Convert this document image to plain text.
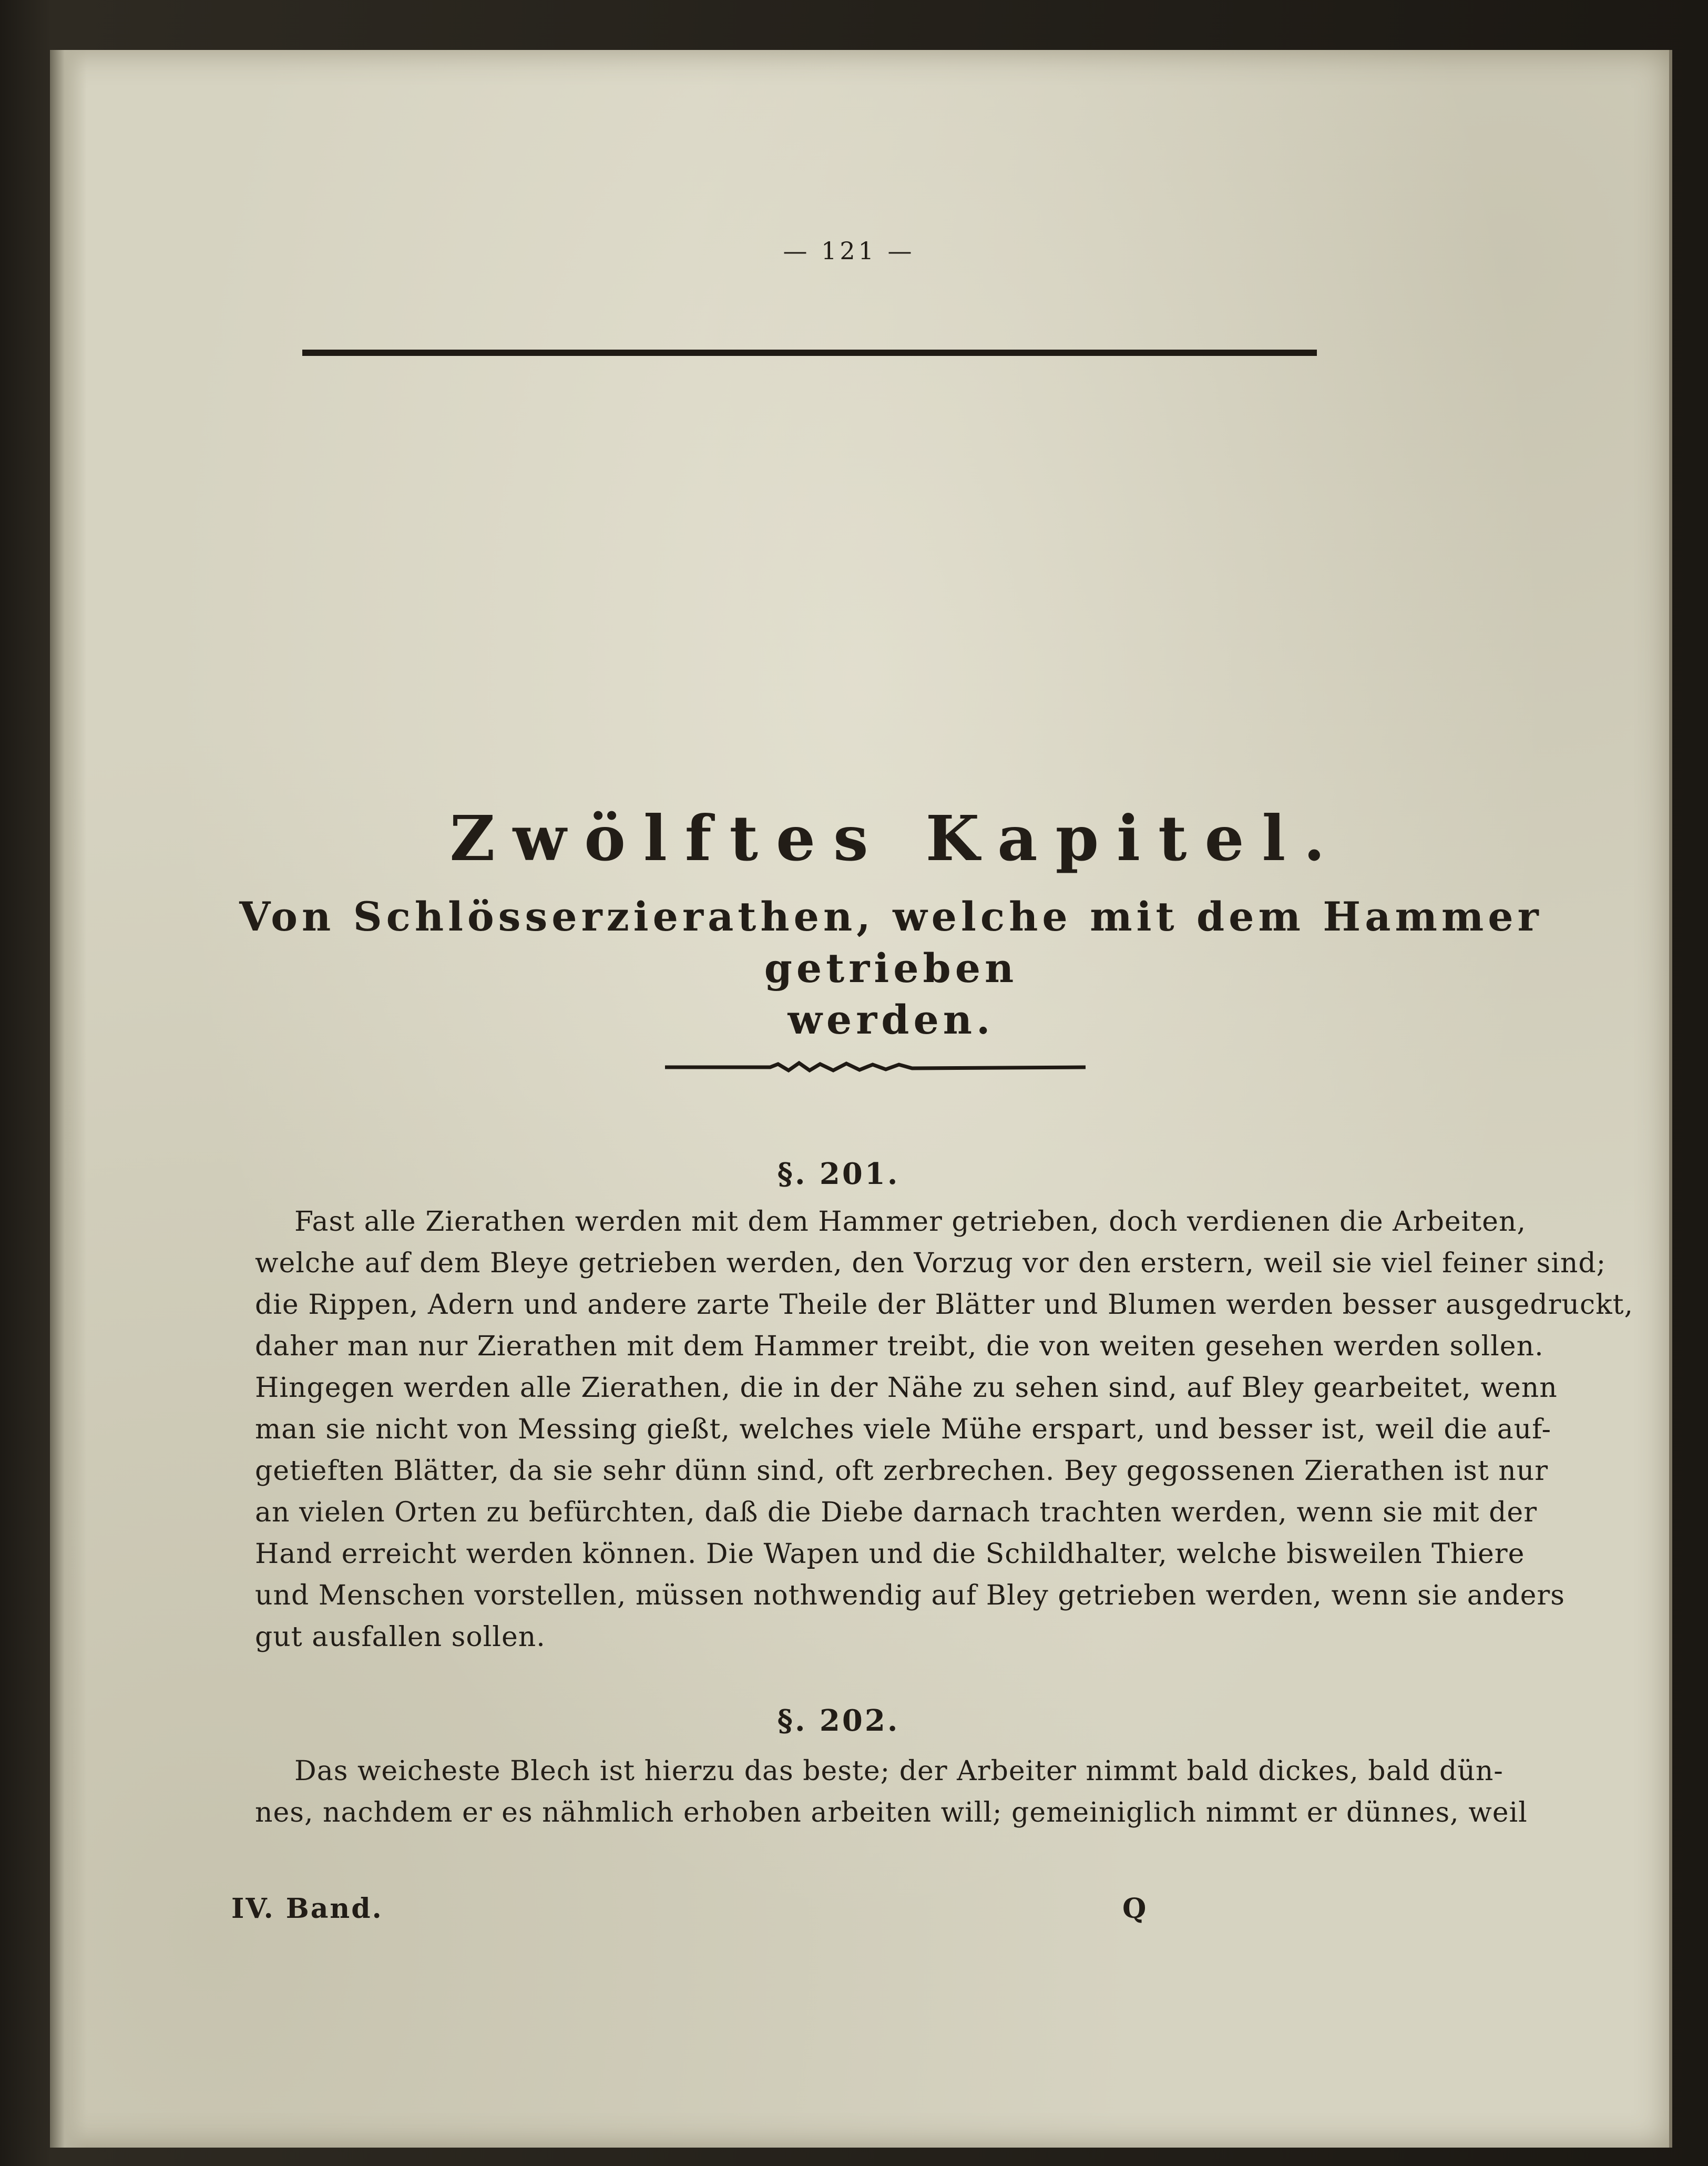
— 121 —
Zwölftes Kapitel.
Von Schlösserzierathen, welche mit dem Hammer getrieben
werden.
§. 201.
Fast alle Zierathen werden mit dem Hammer getrieben, doch verdienen die Arbeiten,
welche auf dem Bleye getrieben werden, den Vorzug vor den erstern, weil sie viel feiner sind;
die Rippen, Adern und andere zarte Theile der Blätter und Blumen werden besser ausgedruckt,
daher man nur Zierathen mit dem Hammer treibt, die von weiten gesehen werden sollen.
Hingegen werden alle Zierathen, die in der Nähe zu sehen sind, auf Bley gearbeitet, wenn
man sie nicht von Messing gießt, welches viele Mühe erspart, und besser ist, weil die auf-
getieften Blätter, da sie sehr dünn sind, oft zerbrechen. Bey gegossenen Zierathen ist nur
an vielen Orten zu befürchten, daß die Diebe darnach trachten werden, wenn sie mit der
Hand erreicht werden können. Die Wapen und die Schildhalter, welche bisweilen Thiere
und Menschen vorstellen, müssen nothwendig auf Bley getrieben werden, wenn sie anders
gut ausfallen sollen.
§. 202.
Das weicheste Blech ist hierzu das beste; der Arbeiter nimmt bald dickes, bald dün-
nes, nachdem er es nähmlich erhoben arbeiten will; gemeiniglich nimmt er dünnes, weil
IV. Band.	Q
